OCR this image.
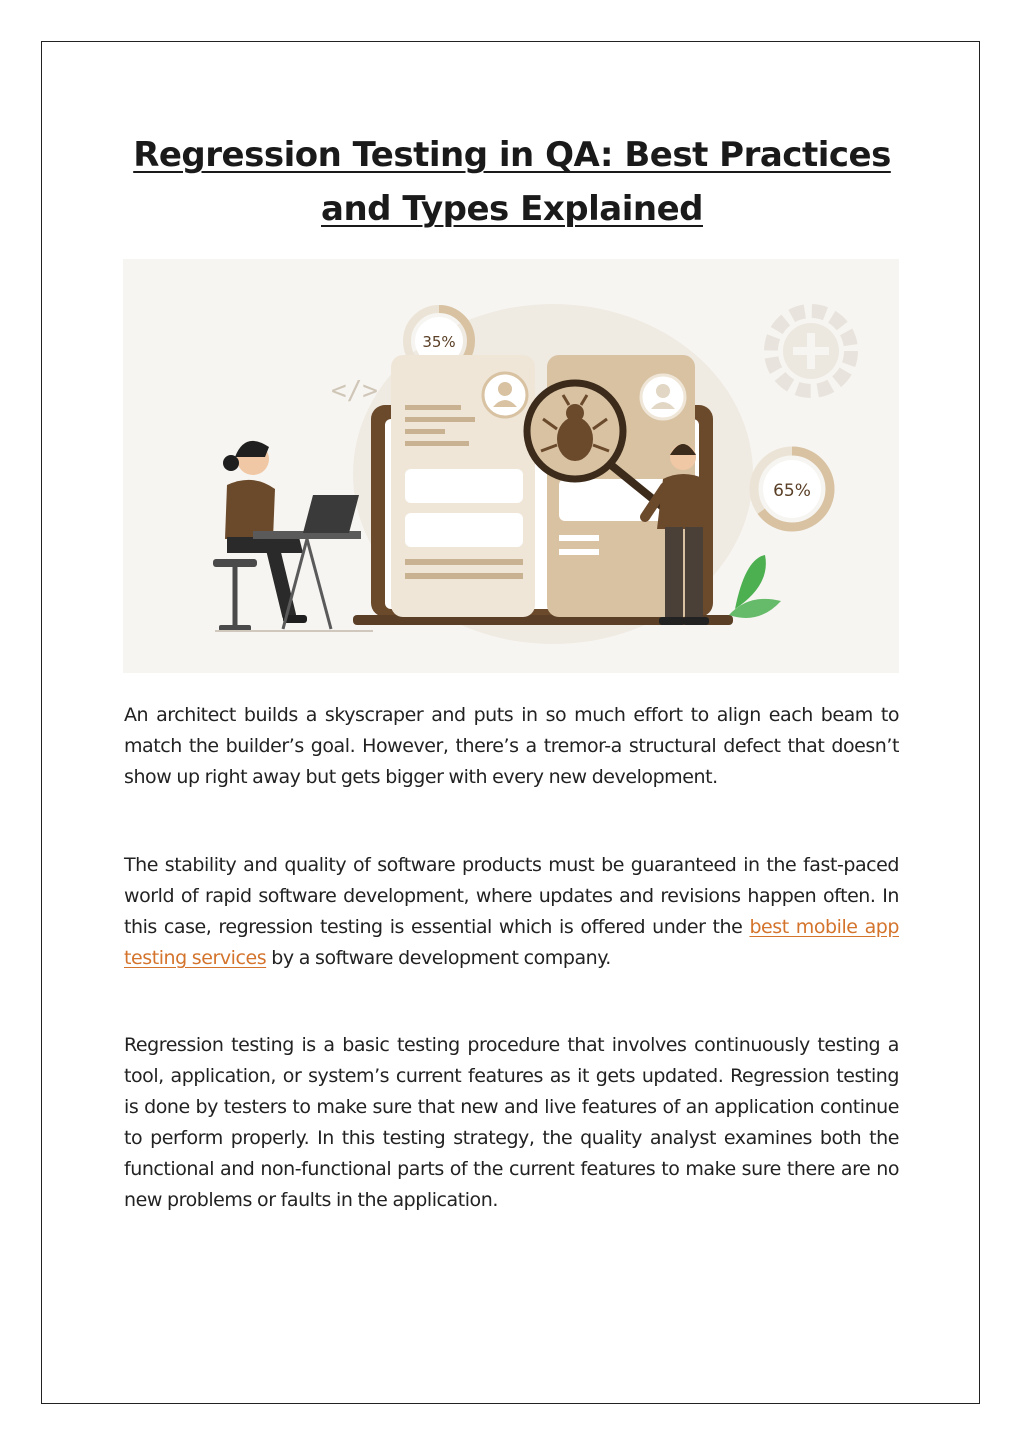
Regression Testing in QA: Best Practices and Types Explained
</>
35%
65%

An architect builds a skyscraper and puts in so much effort to align each beam to match the builder’s goal. However, there’s a tremor-a structural defect that doesn’t show up right away but gets bigger with every new development.

The stability and quality of software products must be guaranteed in the fast-paced world of rapid software development, where updates and revisions happen often. In this case, regression testing is essential which is offered under the best mobile app testing services by a software development company.

Regression testing is a basic testing procedure that involves continuously testing a tool, application, or system’s current features as it gets updated. Regression testing is done by testers to make sure that new and live features of an application continue to perform properly. In this testing strategy, the quality analyst examines both the functional and non-functional parts of the current features to make sure there are no new problems or faults in the application.
